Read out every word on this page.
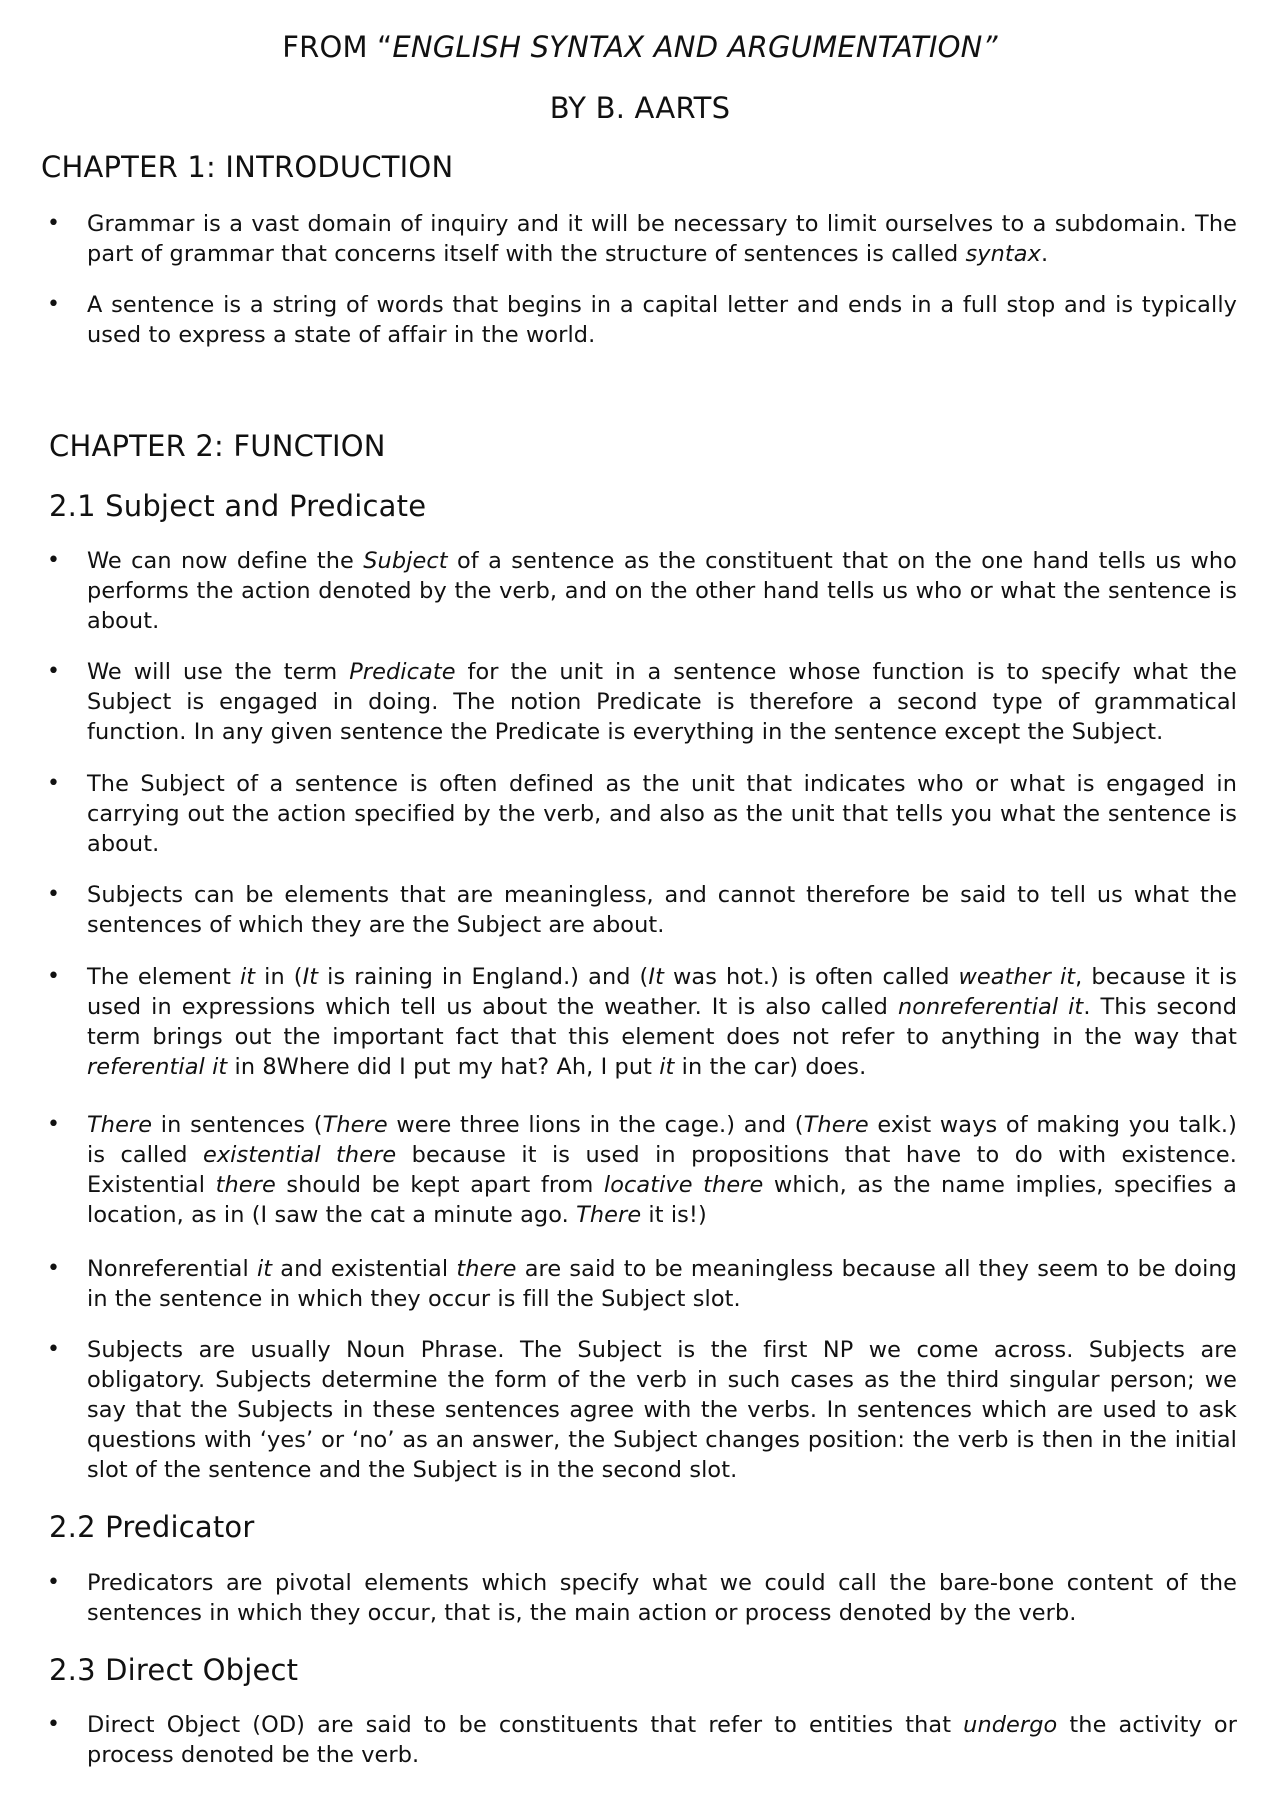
FROM “ENGLISH SYNTAX AND ARGUMENTATION”
BY B. AARTS
CHAPTER 1: INTRODUCTION
• Grammar is a vast domain of inquiry and it will be necessary to limit ourselves to a subdomain. The part of grammar that concerns itself with the structure of sentences is called syntax.
• A sentence is a string of words that begins in a capital letter and ends in a full stop and is typically used to express a state of affair in the world.
CHAPTER 2: FUNCTION
2.1 Subject and Predicate
• We can now define the Subject of a sentence as the constituent that on the one hand tells us who performs the action denoted by the verb, and on the other hand tells us who or what the sentence is about.
• We will use the term Predicate for the unit in a sentence whose function is to specify what the Subject is engaged in doing. The notion Predicate is therefore a second type of grammatical function. In any given sentence the Predicate is everything in the sentence except the Subject.
• The Subject of a sentence is often defined as the unit that indicates who or what is engaged in carrying out the action specified by the verb, and also as the unit that tells you what the sentence is about.
• Subjects can be elements that are meaningless, and cannot therefore be said to tell us what the sentences of which they are the Subject are about.
• The element it in (It is raining in England.) and (It was hot.) is often called weather it, because it is used in expressions which tell us about the weather. It is also called nonreferential it. This second term brings out the important fact that this element does not refer to anything in the way that referential it in 8Where did I put my hat? Ah, I put it in the car) does.
• There in sentences (There were three lions in the cage.) and (There exist ways of making you talk.) is called existential there because it is used in propositions that have to do with existence. Existential there should be kept apart from locative there which, as the name implies, specifies a location, as in (I saw the cat a minute ago. There it is!)
• Nonreferential it and existential there are said to be meaningless because all they seem to be doing in the sentence in which they occur is fill the Subject slot.
• Subjects are usually Noun Phrase. The Subject is the first NP we come across. Subjects are obligatory. Subjects determine the form of the verb in such cases as the third singular person; we say that the Subjects in these sentences agree with the verbs. In sentences which are used to ask questions with ‘yes’ or ‘no’ as an answer, the Subject changes position: the verb is then in the initial slot of the sentence and the Subject is in the second slot.
2.2 Predicator
• Predicators are pivotal elements which specify what we could call the bare-bone content of the sentences in which they occur, that is, the main action or process denoted by the verb.
2.3 Direct Object
• Direct Object (OD) are said to be constituents that refer to entities that undergo the activity or process denoted be the verb.
